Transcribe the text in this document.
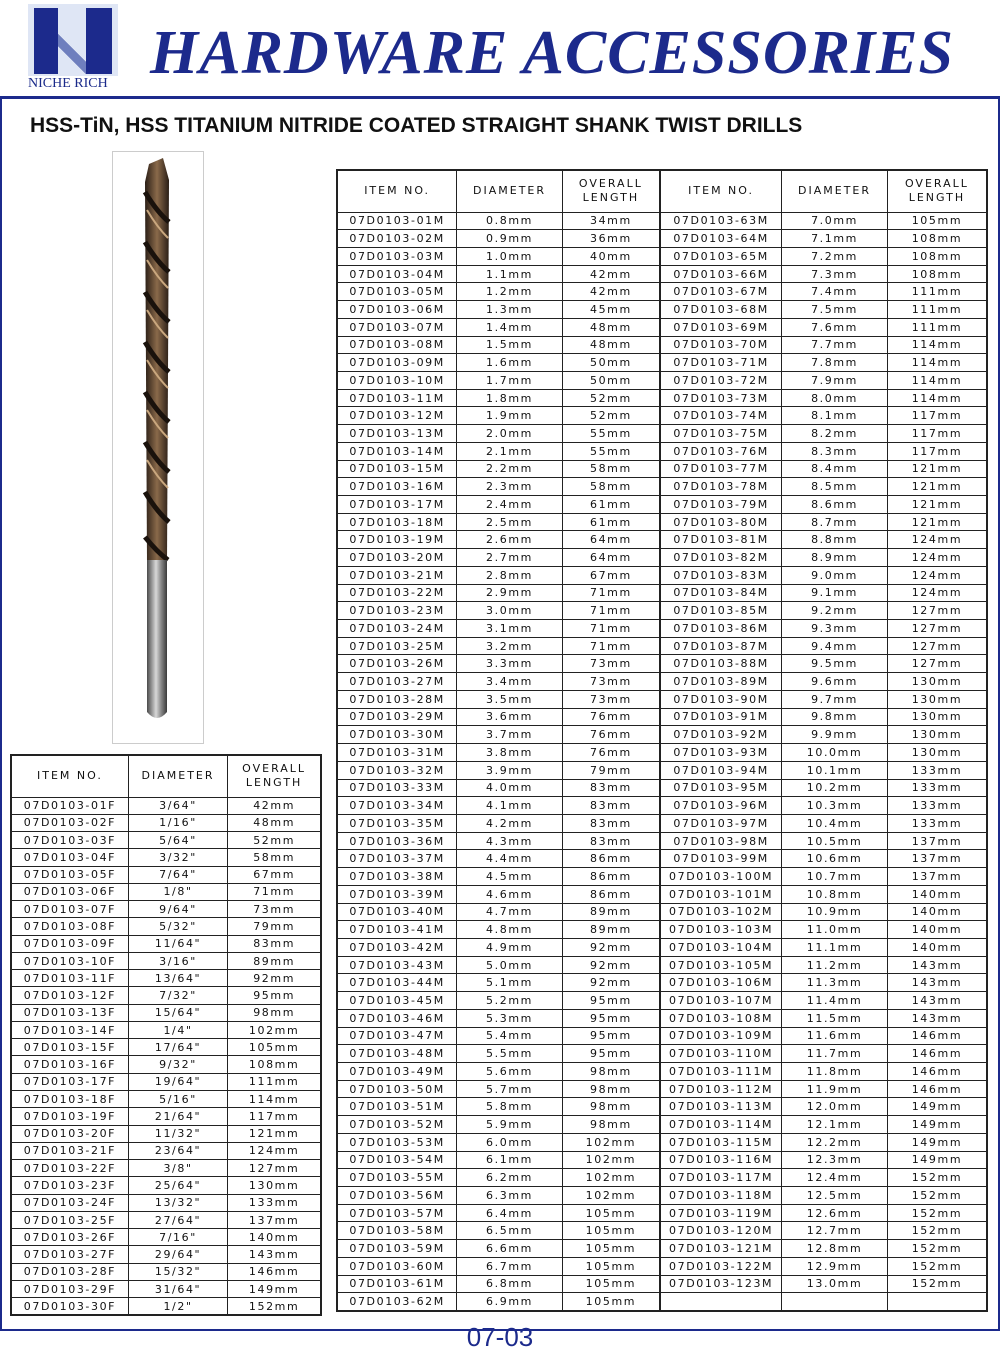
NICHE RICH HARDWARE ACCESSORIES
HSS-TiN, HSS TITANIUM NITRIDE COATED STRAIGHT SHANK TWIST DRILLS
ITEM NO.	DIAMETER	OVERALL
LENGTH	ITEM NO.	DIAMETER	OVERALL
LENGTH
07D0103-01M	0.8mm	34mm	07D0103-63M	7.0mm	105mm
07D0103-02M	0.9mm	36mm	07D0103-64M	7.1mm	108mm
07D0103-03M	1.0mm	40mm	07D0103-65M	7.2mm	108mm
07D0103-04M	1.1mm	42mm	07D0103-66M	7.3mm	108mm
07D0103-05M	1.2mm	42mm	07D0103-67M	7.4mm	111mm
07D0103-06M	1.3mm	45mm	07D0103-68M	7.5mm	111mm
07D0103-07M	1.4mm	48mm	07D0103-69M	7.6mm	111mm
07D0103-08M	1.5mm	48mm	07D0103-70M	7.7mm	114mm
07D0103-09M	1.6mm	50mm	07D0103-71M	7.8mm	114mm
07D0103-10M	1.7mm	50mm	07D0103-72M	7.9mm	114mm
07D0103-11M	1.8mm	52mm	07D0103-73M	8.0mm	114mm
07D0103-12M	1.9mm	52mm	07D0103-74M	8.1mm	117mm
07D0103-13M	2.0mm	55mm	07D0103-75M	8.2mm	117mm
07D0103-14M	2.1mm	55mm	07D0103-76M	8.3mm	117mm
07D0103-15M	2.2mm	58mm	07D0103-77M	8.4mm	121mm
07D0103-16M	2.3mm	58mm	07D0103-78M	8.5mm	121mm
07D0103-17M	2.4mm	61mm	07D0103-79M	8.6mm	121mm
07D0103-18M	2.5mm	61mm	07D0103-80M	8.7mm	121mm
07D0103-19M	2.6mm	64mm	07D0103-81M	8.8mm	124mm
07D0103-20M	2.7mm	64mm	07D0103-82M	8.9mm	124mm
07D0103-21M	2.8mm	67mm	07D0103-83M	9.0mm	124mm
07D0103-22M	2.9mm	71mm	07D0103-84M	9.1mm	124mm
07D0103-23M	3.0mm	71mm	07D0103-85M	9.2mm	127mm
07D0103-24M	3.1mm	71mm	07D0103-86M	9.3mm	127mm
07D0103-25M	3.2mm	71mm	07D0103-87M	9.4mm	127mm
07D0103-26M	3.3mm	73mm	07D0103-88M	9.5mm	127mm
07D0103-27M	3.4mm	73mm	07D0103-89M	9.6mm	130mm
07D0103-28M	3.5mm	73mm	07D0103-90M	9.7mm	130mm
07D0103-29M	3.6mm	76mm	07D0103-91M	9.8mm	130mm
07D0103-30M	3.7mm	76mm	07D0103-92M	9.9mm	130mm
07D0103-31M	3.8mm	76mm	07D0103-93M	10.0mm	130mm
07D0103-32M	3.9mm	79mm	07D0103-94M	10.1mm	133mm
07D0103-33M	4.0mm	83mm	07D0103-95M	10.2mm	133mm
07D0103-34M	4.1mm	83mm	07D0103-96M	10.3mm	133mm
07D0103-35M	4.2mm	83mm	07D0103-97M	10.4mm	133mm
07D0103-36M	4.3mm	83mm	07D0103-98M	10.5mm	137mm
07D0103-37M	4.4mm	86mm	07D0103-99M	10.6mm	137mm
07D0103-38M	4.5mm	86mm	07D0103-100M	10.7mm	137mm
07D0103-39M	4.6mm	86mm	07D0103-101M	10.8mm	140mm
07D0103-40M	4.7mm	89mm	07D0103-102M	10.9mm	140mm
07D0103-41M	4.8mm	89mm	07D0103-103M	11.0mm	140mm
07D0103-42M	4.9mm	92mm	07D0103-104M	11.1mm	140mm
07D0103-43M	5.0mm	92mm	07D0103-105M	11.2mm	143mm
07D0103-44M	5.1mm	92mm	07D0103-106M	11.3mm	143mm
07D0103-45M	5.2mm	95mm	07D0103-107M	11.4mm	143mm
07D0103-46M	5.3mm	95mm	07D0103-108M	11.5mm	143mm
07D0103-47M	5.4mm	95mm	07D0103-109M	11.6mm	146mm
07D0103-48M	5.5mm	95mm	07D0103-110M	11.7mm	146mm
07D0103-49M	5.6mm	98mm	07D0103-111M	11.8mm	146mm
07D0103-50M	5.7mm	98mm	07D0103-112M	11.9mm	146mm
07D0103-51M	5.8mm	98mm	07D0103-113M	12.0mm	149mm
07D0103-52M	5.9mm	98mm	07D0103-114M	12.1mm	149mm
07D0103-53M	6.0mm	102mm	07D0103-115M	12.2mm	149mm
07D0103-54M	6.1mm	102mm	07D0103-116M	12.3mm	149mm
07D0103-55M	6.2mm	102mm	07D0103-117M	12.4mm	152mm
07D0103-56M	6.3mm	102mm	07D0103-118M	12.5mm	152mm
07D0103-57M	6.4mm	105mm	07D0103-119M	12.6mm	152mm
07D0103-58M	6.5mm	105mm	07D0103-120M	12.7mm	152mm
07D0103-59M	6.6mm	105mm	07D0103-121M	12.8mm	152mm
07D0103-60M	6.7mm	105mm	07D0103-122M	12.9mm	152mm
07D0103-61M	6.8mm	105mm	07D0103-123M	13.0mm	152mm
07D0103-62M	6.9mm	105mm			
ITEM NO.	DIAMETER	OVERALL
LENGTH
07D0103-01F	3/64"	42mm
07D0103-02F	1/16"	48mm
07D0103-03F	5/64"	52mm
07D0103-04F	3/32"	58mm
07D0103-05F	7/64"	67mm
07D0103-06F	1/8"	71mm
07D0103-07F	9/64"	73mm
07D0103-08F	5/32"	79mm
07D0103-09F	11/64"	83mm
07D0103-10F	3/16"	89mm
07D0103-11F	13/64"	92mm
07D0103-12F	7/32"	95mm
07D0103-13F	15/64"	98mm
07D0103-14F	1/4"	102mm
07D0103-15F	17/64"	105mm
07D0103-16F	9/32"	108mm
07D0103-17F	19/64"	111mm
07D0103-18F	5/16"	114mm
07D0103-19F	21/64"	117mm
07D0103-20F	11/32"	121mm
07D0103-21F	23/64"	124mm
07D0103-22F	3/8"	127mm
07D0103-23F	25/64"	130mm
07D0103-24F	13/32"	133mm
07D0103-25F	27/64"	137mm
07D0103-26F	7/16"	140mm
07D0103-27F	29/64"	143mm
07D0103-28F	15/32"	146mm
07D0103-29F	31/64"	149mm
07D0103-30F	1/2"	152mm
07-03
